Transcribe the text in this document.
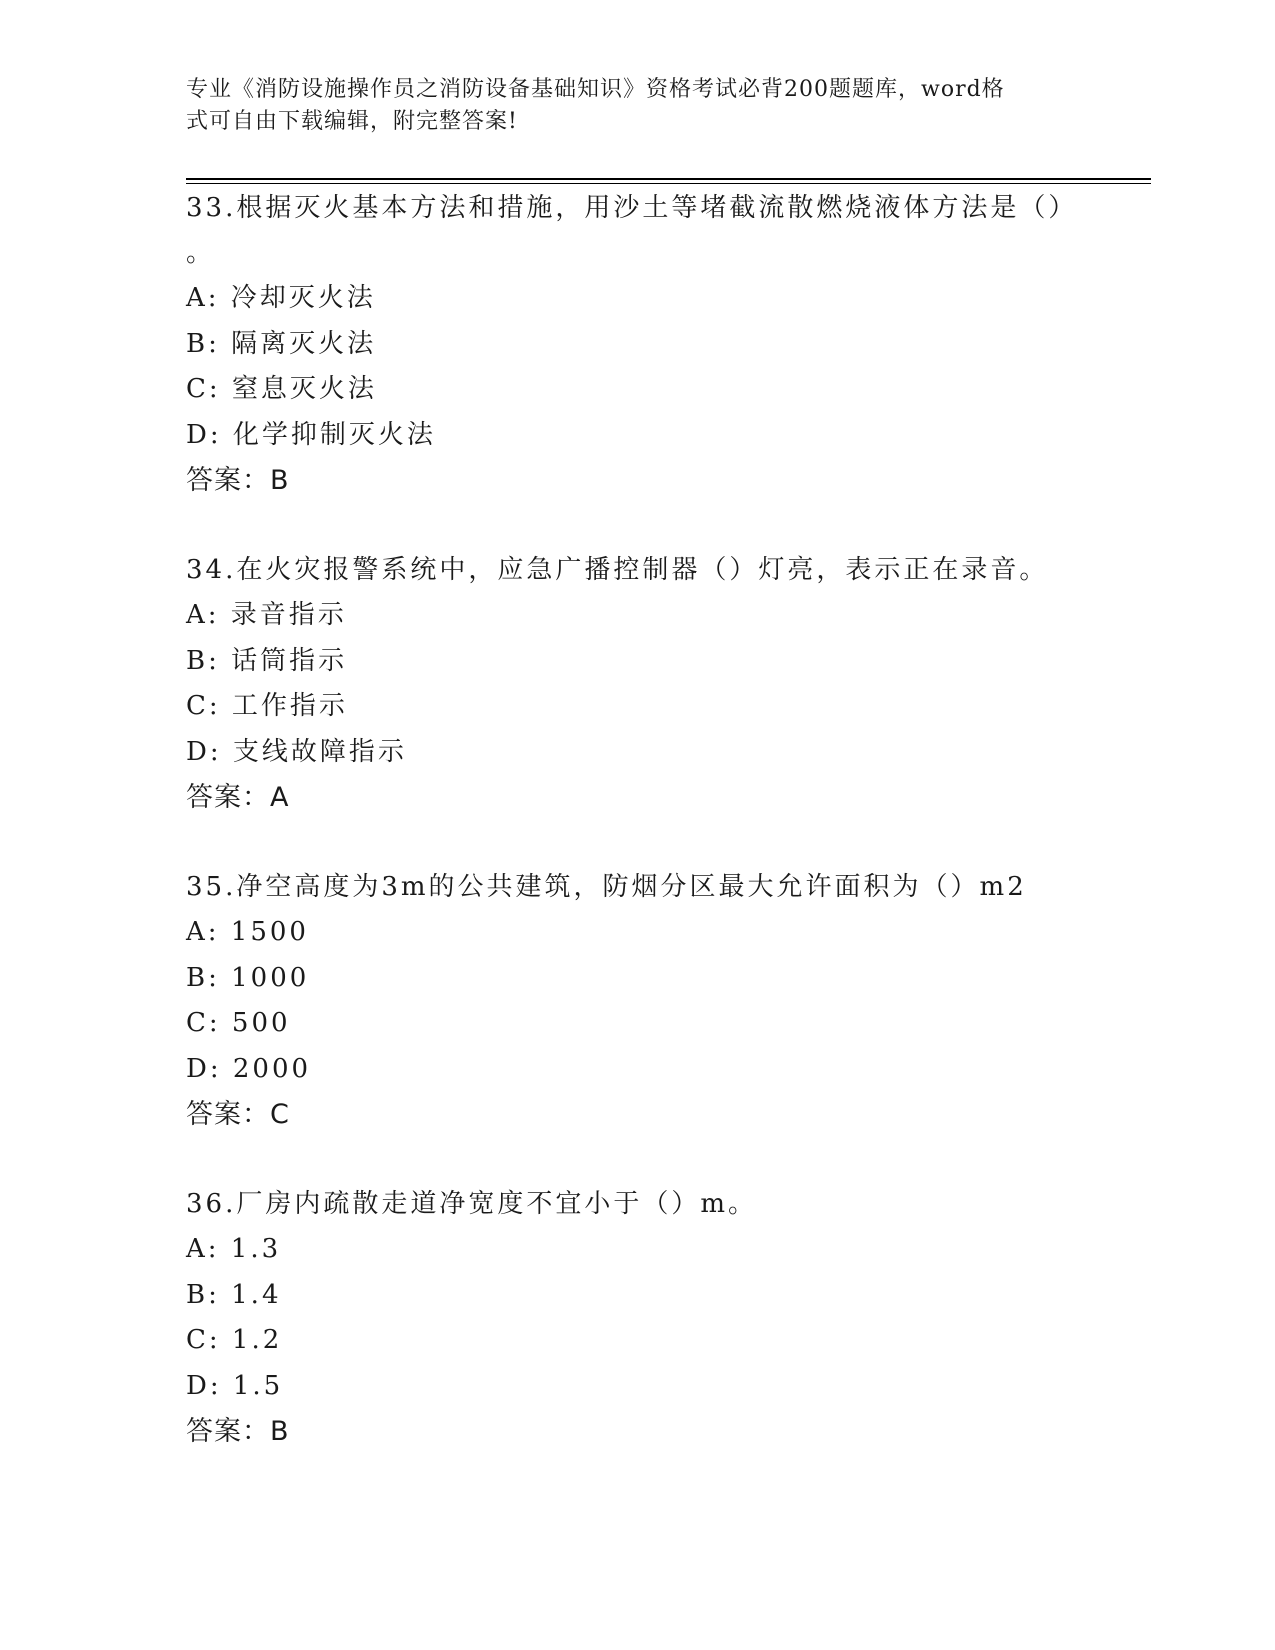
专业《消防设施操作员之消防设备基础知识》资格考试必背200题题库，word格
式可自由下载编辑，附完整答案!
33.根据灭火基本方法和措施，用沙土等堵截流散燃烧液体方法是（）
。
A: 冷却灭火法
B: 隔离灭火法
C: 窒息灭火法
D: 化学抑制灭火法
答案：B
34.在火灾报警系统中，应急广播控制器（）灯亮，表示正在录音。
A: 录音指示
B: 话筒指示
C: 工作指示
D: 支线故障指示
答案：A
35.净空高度为3m的公共建筑，防烟分区最大允许面积为（）m2
A: 1500
B: 1000
C: 500
D: 2000
答案：C
36.厂房内疏散走道净宽度不宜小于（）m。
A: 1.3
B: 1.4
C: 1.2
D: 1.5
答案：B
